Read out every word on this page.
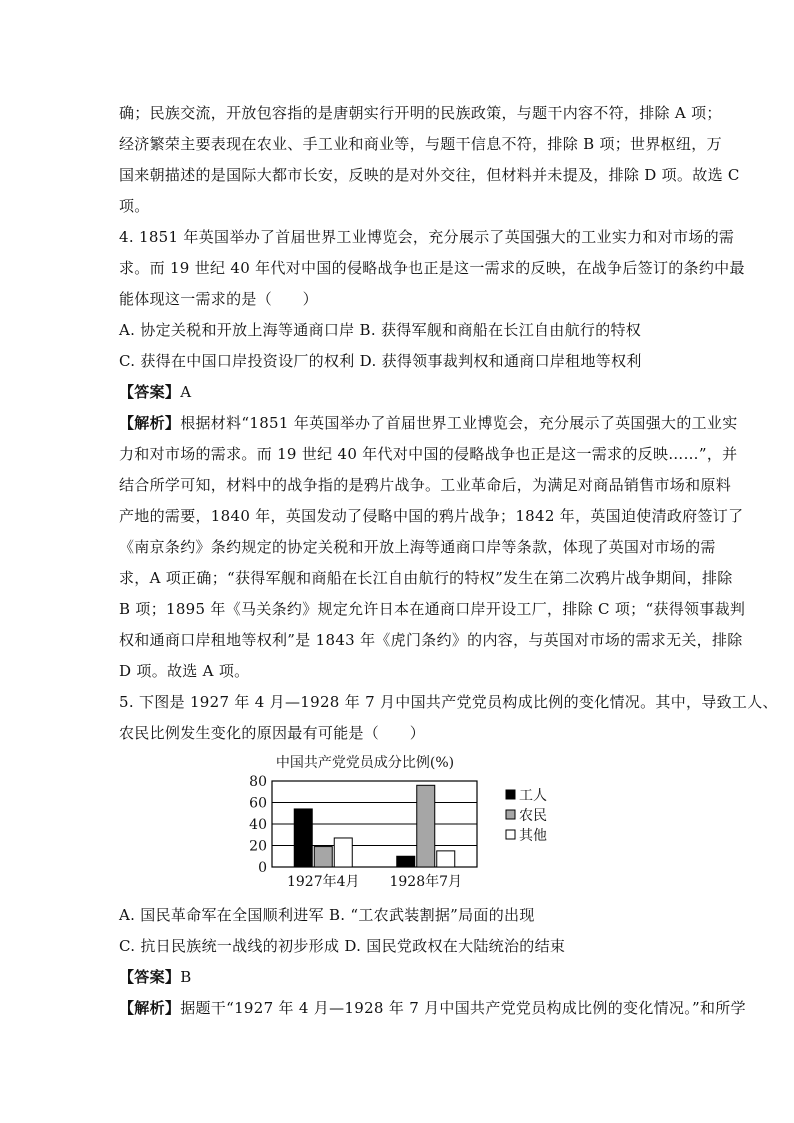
确；民族交流，开放包容指的是唐朝实行开明的民族政策，与题干内容不符，排除 A 项；
经济繁荣主要表现在农业、手工业和商业等，与题干信息不符，排除 B 项；世界枢纽，万
国来朝描述的是国际大都市长安，反映的是对外交往，但材料并未提及，排除 D 项。故选 C
项。
4. 1851 年英国举办了首届世界工业博览会，充分展示了英国强大的工业实力和对市场的需
求。而 19 世纪 40 年代对中国的侵略战争也正是这一需求的反映，在战争后签订的条约中最
能体现这一需求的是（　　）
A. 协定关税和开放上海等通商口岸 B. 获得军舰和商船在长江自由航行的特权
C. 获得在中国口岸投资设厂的权利 D. 获得领事裁判权和通商口岸租地等权利
【答案】A
【解析】根据材料“1851 年英国举办了首届世界工业博览会，充分展示了英国强大的工业实
力和对市场的需求。而 19 世纪 40 年代对中国的侵略战争也正是这一需求的反映……”，并
结合所学可知，材料中的战争指的是鸦片战争。工业革命后，为满足对商品销售市场和原料
产地的需要，1840 年，英国发动了侵略中国的鸦片战争；1842 年，英国迫使清政府签订了
《南京条约》条约规定的协定关税和开放上海等通商口岸等条款，体现了英国对市场的需
求，A 项正确；“获得军舰和商船在长江自由航行的特权”发生在第二次鸦片战争期间，排除
B 项；1895 年《马关条约》规定允许日本在通商口岸开设工厂，排除 C 项；“获得领事裁判
权和通商口岸租地等权利”是 1843 年《虎门条约》的内容，与英国对市场的需求无关，排除
D 项。故选 A 项。
5. 下图是 1927 年 4 月—1928 年 7 月中国共产党党员构成比例的变化情况。其中，导致工人、
农民比例发生变化的原因最有可能是（　　）
中国共产党党员成分比例(%)
0
20
40
60
80
1927年4月 1928年7月
工人
农民
其他
A. 国民革命军在全国顺利进军 B. “工农武装割据”局面的出现
C. 抗日民族统一战线的初步形成 D. 国民党政权在大陆统治的结束
【答案】B
【解析】据题干“1927 年 4 月—1928 年 7 月中国共产党党员构成比例的变化情况。”和所学
